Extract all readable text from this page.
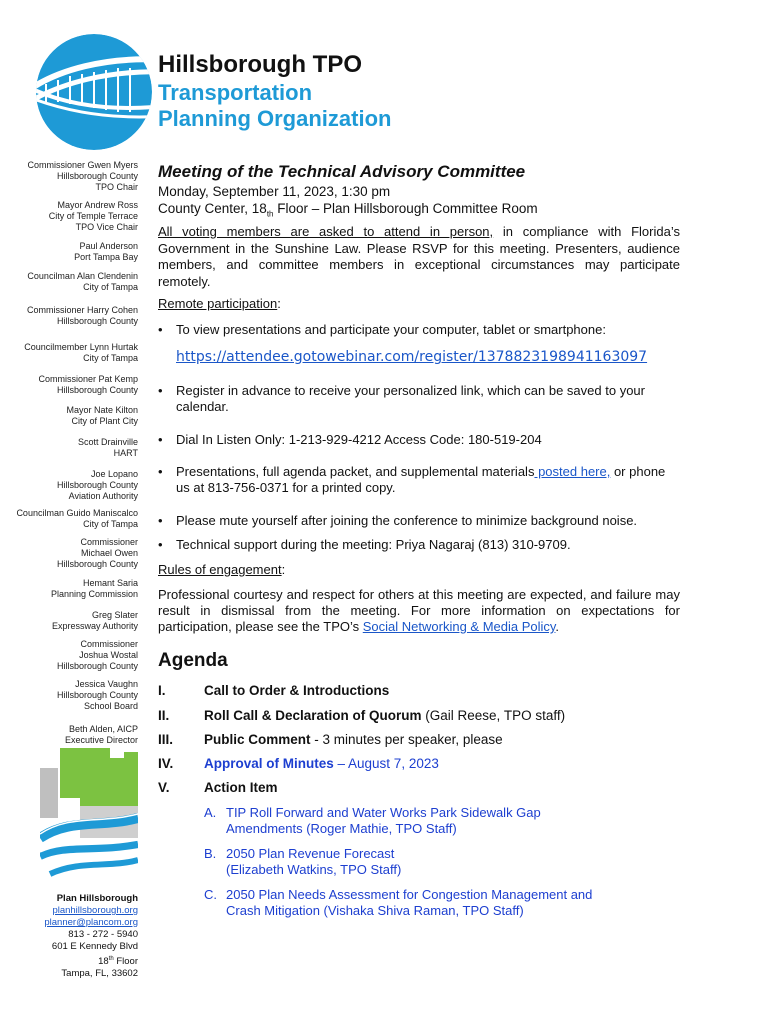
Hillsborough TPO
Transportation
Planning Organization
Commissioner Gwen Myers
Hillsborough County
TPO Chair
Mayor Andrew Ross
City of Temple Terrace
TPO Vice Chair
Paul Anderson
Port Tampa Bay
Councilman Alan Clendenin
City of Tampa
Commissioner Harry Cohen
Hillsborough County
Councilmember Lynn Hurtak
City of Tampa
Commissioner Pat Kemp
Hillsborough County
Mayor Nate Kilton
City of Plant City
Scott Drainville
HART
Joe Lopano
Hillsborough County
Aviation Authority
Councilman Guido Maniscalco
City of Tampa
Commissioner
Michael Owen
Hillsborough County
Hemant Saria
Planning Commission
Greg Slater
Expressway Authority
Commissioner
Joshua Wostal
Hillsborough County
Jessica Vaughn
Hillsborough County
School Board
Beth Alden, AICP
Executive Director
Plan Hillsborough
planhillsborough.org
planner@plancom.org
813 - 272 - 5940
601 E Kennedy Blvd
18th Floor
Tampa, FL, 33602
Meeting of the Technical Advisory Committee
Monday, September 11, 2023, 1:30 pm
County Center, $18_{th}$ Floor – Plan Hillsborough Committee Room
All voting members are asked to attend in person, in compliance with Florida’s Government in the Sunshine Law. Please RSVP for this meeting. Presenters, audience members, and committee members in exceptional circumstances may participate remotely.
Remote participation:
• To view presentations and participate your computer, tablet or smartphone:
https://attendee.gotowebinar.com/register/1378823198941163097
• Register in advance to receive your personalized link, which can be saved to your calendar.
• Dial In Listen Only: 1-213-929-4212 Access Code: 180-519-204
• Presentations, full agenda packet, and supplemental materials posted here, or phone us at 813-756-0371 for a printed copy.
• Please mute yourself after joining the conference to minimize background noise.
• Technical support during the meeting: Priya Nagaraj (813) 310-9709.
Rules of engagement:
Professional courtesy and respect for others at this meeting are expected, and failure may result in dismissal from the meeting. For more information on expectations for participation, please see the TPO’s Social Networking & Media Policy.
Agenda
I.	Call to Order & Introductions
II.	Roll Call & Declaration of Quorum (Gail Reese, TPO staff)
III. Public Comment - 3 minutes per speaker, please
IV. Approval of Minutes – August 7, 2023
V.	Action Item
A. TIP Roll Forward and Water Works Park Sidewalk Gap
Amendments (Roger Mathie, TPO Staff)
B. 2050 Plan Revenue Forecast
(Elizabeth Watkins, TPO Staff)
C. 2050 Plan Needs Assessment for Congestion Management and
Crash Mitigation (Vishaka Shiva Raman, TPO Staff)
